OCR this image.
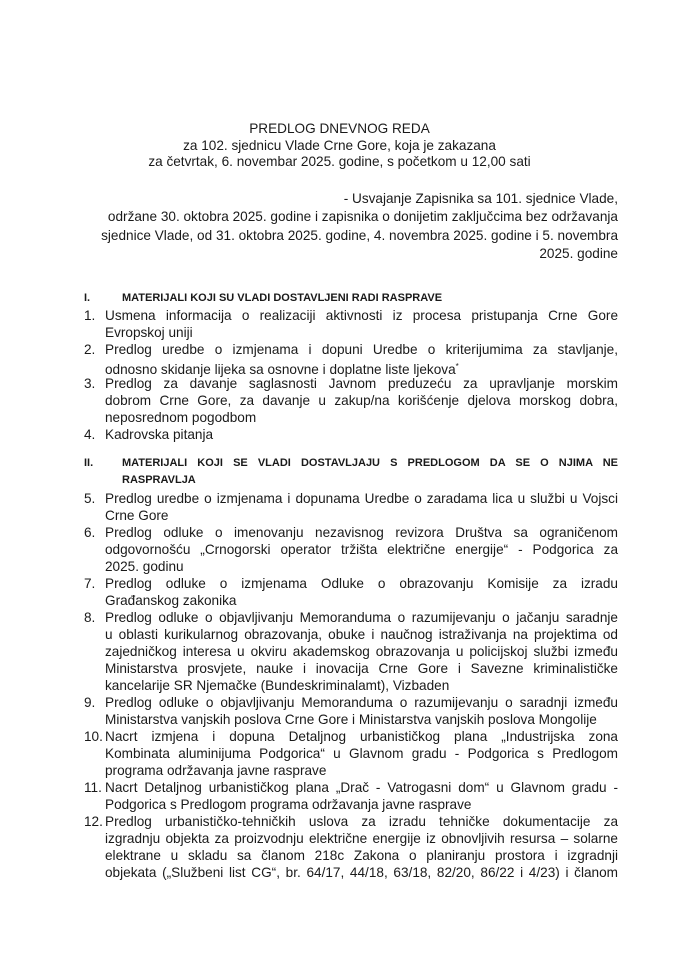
PREDLOG DNEVNOG REDA
za 102. sjednicu Vlade Crne Gore, koja je zakazana
za četvrtak, 6. novembar 2025. godine, s početkom u 12,00 sati
- Usvajanje Zapisnika sa 101. sjednice Vlade,
održane 30. oktobra 2025. godine i zapisnika o donijetim zaključcima bez održavanja
sjednice Vlade, od 31. oktobra 2025. godine, 4. novembra 2025. godine i 5. novembra
2025. godine
I.	MATERIJALI KOJI SU VLADI DOSTAVLJENI RADI RASPRAVE
1. Usmena informacija o realizaciji aktivnosti iz procesa pristupanja Crne Gore
Evropskoj uniji
2. Predlog uredbe o izmjenama i dopuni Uredbe o kriterijumima za stavljanje,
odnosno skidanje lijeka sa osnovne i doplatne liste ljekova*
3. Predlog za davanje saglasnosti Javnom preduzeću za upravljanje morskim
dobrom Crne Gore, za davanje u zakup/na korišćenje djelova morskog dobra,
neposrednom pogodbom
4. Kadrovska pitanja
II.	MATERIJALI KOJI SE VLADI DOSTAVLJAJU S PREDLOGOM DA SE O NJIMA NE
RASPRAVLJA
5. Predlog uredbe o izmjenama i dopunama Uredbe o zaradama lica u službi u Vojsci
Crne Gore
6. Predlog odluke o imenovanju nezavisnog revizora Društva sa ograničenom
odgovornošću „Crnogorski operator tržišta električne energije“ - Podgorica za
2025. godinu
7. Predlog odluke o izmjenama Odluke o obrazovanju Komisije za izradu
Građanskog zakonika
8. Predlog odluke o objavljivanju Memoranduma o razumijevanju o jačanju saradnje
u oblasti kurikularnog obrazovanja, obuke i naučnog istraživanja na projektima od
zajedničkog interesa u okviru akademskog obrazovanja u policijskoj službi između
Ministarstva prosvjete, nauke i inovacija Crne Gore i Savezne kriminalističke
kancelarije SR Njemačke (Bundeskriminalamt), Vizbaden
9. Predlog odluke o objavljivanju Memoranduma o razumijevanju o saradnji između
Ministarstva vanjskih poslova Crne Gore i Ministarstva vanjskih poslova Mongolije
10. Nacrt izmjena i dopuna Detaljnog urbanističkog plana „Industrijska zona
Kombinata aluminijuma Podgorica“ u Glavnom gradu - Podgorica s Predlogom
programa održavanja javne rasprave
11. Nacrt Detaljnog urbanističkog plana „Drač - Vatrogasni dom“ u Glavnom gradu -
Podgorica s Predlogom programa održavanja javne rasprave
12. Predlog urbanističko-tehničkih uslova za izradu tehničke dokumentacije za
izgradnju objekta za proizvodnju električne energije iz obnovljivih resursa – solarne
elektrane u skladu sa članom 218c Zakona o planiranju prostora i izgradnji
objekata („Službeni list CG“, br. 64/17, 44/18, 63/18, 82/20, 86/22 i 4/23) i članom
